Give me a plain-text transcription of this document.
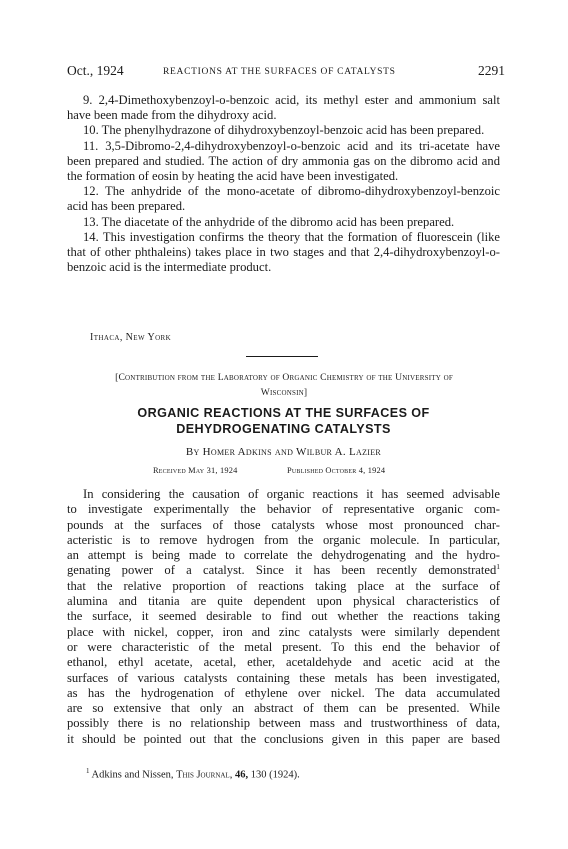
Oct., 1924	REACTIONS AT THE SURFACES OF CATALYSTS	2291

9. 2,4-Dimethoxybenzoyl-o-benzoic acid, its methyl ester and ammonium salt have been made from the dihydroxy acid.

10. The phenylhydrazone of dihydroxybenzoyl-benzoic acid has been prepared.

11. 3,5-Dibromo-2,4-dihydroxybenzoyl-o-benzoic acid and its tri-acetate have been prepared and studied. The action of dry ammonia gas on the dibromo acid and the formation of eosin by heating the acid have been investigated.

12. The anhydride of the mono-acetate of dibromo-dihydroxybenzoyl-benzoic acid has been prepared.

13. The diacetate of the anhydride of the dibromo acid has been prepared.

14. This investigation confirms the theory that the formation of fluorescein (like that of other phthaleins) takes place in two stages and that 2,4-dihydroxybenzoyl-o-benzoic acid is the intermediate product.

Ithaca, New York
[Contribution from the Laboratory of Organic Chemistry of the University of
Wisconsin]
ORGANIC REACTIONS AT THE SURFACES OF
DEHYDROGENATING CATALYSTS
By Homer Adkins and Wilbur A. Lazier
Received May 31, 1924	Published October 4, 1924
In considering the causation of organic reactions it has seemed advisable
to investigate experimentally the behavior of representative organic com-
pounds at the surfaces of those catalysts whose most pronounced char-
acteristic is to remove hydrogen from the organic molecule. In particular,
an attempt is being made to correlate the dehydrogenating and the hydro-
genating power of a catalyst. Since it has been recently demonstrated$^1$
that the relative proportion of reactions taking place at the surface of
alumina and titania are quite dependent upon physical characteristics of
the surface, it seemed desirable to find out whether the reactions taking
place with nickel, copper, iron and zinc catalysts were similarly dependent
or were characteristic of the metal present. To this end the behavior of
ethanol, ethyl acetate, acetal, ether, acetaldehyde and acetic acid at the
surfaces of various catalysts containing these metals has been investigated,
as has the hydrogenation of ethylene over nickel. The data accumulated
are so extensive that only an abstract of them can be presented. While
possibly there is no relationship between mass and trustworthiness of data,
it should be pointed out that the conclusions given in this paper are based
$^1$ Adkins and Nissen, This Journal, 46, 130 (1924).
